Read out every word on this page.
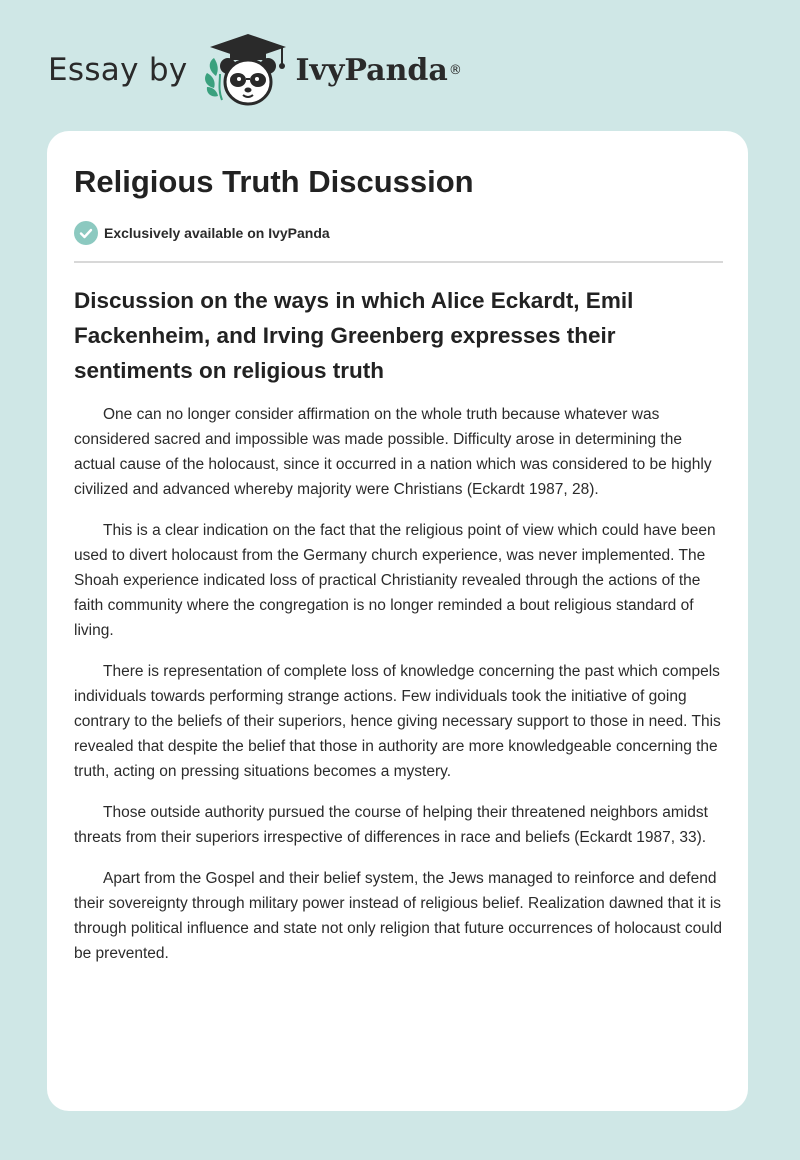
Essay by	IvyPanda ®
Religious Truth Discussion
Exclusively available on IvyPanda
Discussion on the ways in which Alice Eckardt, Emil Fackenheim, and Irving Greenberg expresses their sentiments on religious truth

One can no longer consider affirmation on the whole truth because whatever was considered sacred and impossible was made possible. Difficulty arose in determining the actual cause of the holocaust, since it occurred in a nation which was considered to be highly civilized and advanced whereby majority were Christians (Eckardt 1987, 28).

This is a clear indication on the fact that the religious point of view which could have been used to divert holocaust from the Germany church experience, was never implemented. The Shoah experience indicated loss of practical Christianity revealed through the actions of the faith community where the congregation is no longer reminded a bout religious standard of living.

There is representation of complete loss of knowledge concerning the past which compels individuals towards performing strange actions. Few individuals took the initiative of going contrary to the beliefs of their superiors, hence giving necessary support to those in need. This revealed that despite the belief that those in authority are more knowledgeable concerning the truth, acting on pressing situations becomes a mystery.

Those outside authority pursued the course of helping their threatened neighbors amidst threats from their superiors irrespective of differences in race and beliefs (Eckardt 1987, 33).

Apart from the Gospel and their belief system, the Jews managed to reinforce and defend their sovereignty through military power instead of religious belief. Realization dawned that it is through political influence and state not only religion that future occurrences of holocaust could be prevented.
